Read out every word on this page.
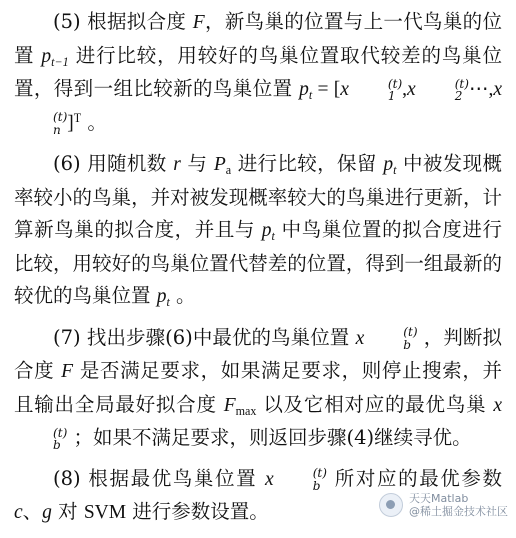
(5) 根据拟合度 F，新鸟巢的位置与上一代鸟巢的位置 $p_{t-1}$ 进行比较，用较好的鸟巢位置取代较差的鸟巢位置，得到一组比较新的鸟巢位置 $p_t = [x$	$^{(t)}$
1 ,x	$^{(t)}$
2 $\cdots,x^{(t)}$
n ]$^T$ 。

(6) 用随机数 r 与 $P_a$ 进行比较，保留 $p_t$ 中被发现概率较小的鸟巢，并对被发现概率较大的鸟巢进行更新，计算新鸟巢的拟合度，并且与 $p_t$ 中鸟巢位置的拟合度进行比较，用较好的鸟巢位置代替差的位置，得到一组最新的较优的鸟巢位置 $p_t$ 。

(7) 找出步骤(6)中最优的鸟巢位置 x	$^{(t)}$
b ，判断拟合度 F 是否满足要求，如果满足要求，则停止搜索，并且输出全局最好拟合度 $F_{max}$ 以及它相对应的最优鸟巢 $x^{(t)}$
b ；如果不满足要求，则返回步骤(4)继续寻优。

(8) 根据最优鸟巢位置 x	$^{(t)}$
b 所对应的最优参数 c、g 对 SVM 进行参数设置。

天天Matlab
@稀土掘金技术社区
